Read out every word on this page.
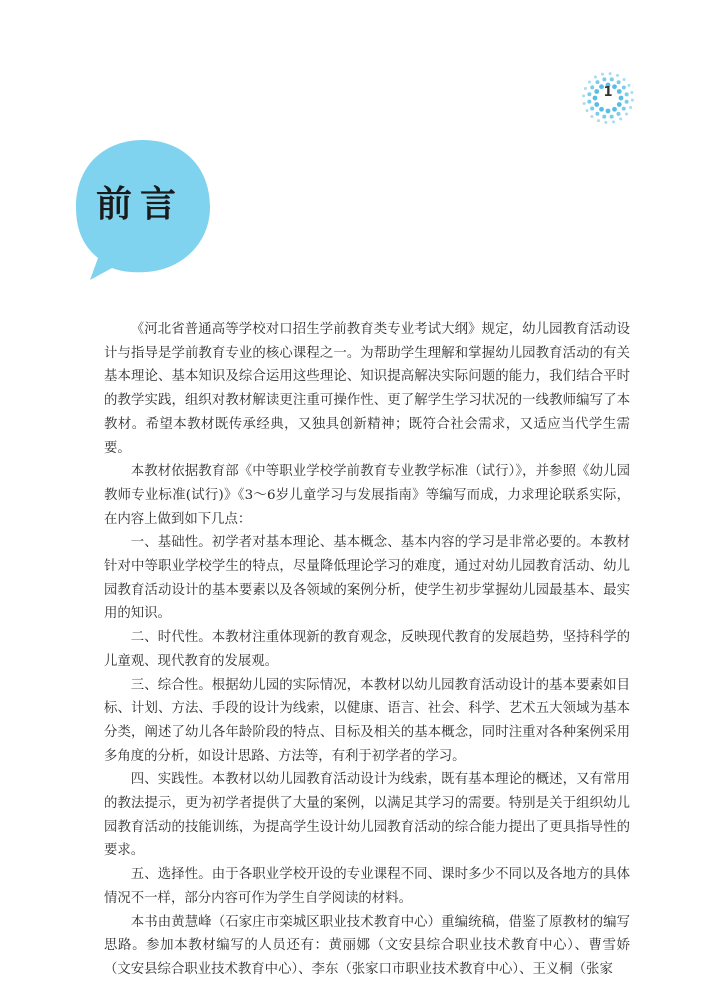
1
前言

《河北省普通高等学校对口招生学前教育类专业考试大纲》规定，幼儿园教育活动设计与指导是学前教育专业的核心课程之一。为帮助学生理解和掌握幼儿园教育活动的有关基本理论、基本知识及综合运用这些理论、知识提高解决实际问题的能力，我们结合平时的教学实践，组织对教材解读更注重可操作性、更了解学生学习状况的一线教师编写了本教材。希望本教材既传承经典，又独具创新精神；既符合社会需求，又适应当代学生需要。

本教材依据教育部《中等职业学校学前教育专业教学标准（试行）》，并参照《幼儿园教师专业标准(试行)》《3～6岁儿童学习与发展指南》等编写而成，力求理论联系实际，在内容上做到如下几点：

一、基础性。初学者对基本理论、基本概念、基本内容的学习是非常必要的。本教材针对中等职业学校学生的特点，尽量降低理论学习的难度，通过对幼儿园教育活动、幼儿园教育活动设计的基本要素以及各领域的案例分析，使学生初步掌握幼儿园最基本、最实用的知识。

二、时代性。本教材注重体现新的教育观念，反映现代教育的发展趋势，坚持科学的儿童观、现代教育的发展观。

三、综合性。根据幼儿园的实际情况，本教材以幼儿园教育活动设计的基本要素如目标、计划、方法、手段的设计为线索，以健康、语言、社会、科学、艺术五大领域为基本分类，阐述了幼儿各年龄阶段的特点、目标及相关的基本概念，同时注重对各种案例采用多角度的分析，如设计思路、方法等，有利于初学者的学习。

四、实践性。本教材以幼儿园教育活动设计为线索，既有基本理论的概述，又有常用的教法提示，更为初学者提供了大量的案例，以满足其学习的需要。特别是关于组织幼儿园教育活动的技能训练，为提高学生设计幼儿园教育活动的综合能力提出了更具指导性的要求。

五、选择性。由于各职业学校开设的专业课程不同、课时多少不同以及各地方的具体情况不一样，部分内容可作为学生自学阅读的材料。

本书由黄慧峰（石家庄市栾城区职业技术教育中心）重编统稿，借鉴了原教材的编写思路。参加本教材编写的人员还有：黄丽娜（文安县综合职业技术教育中心）、曹雪娇（文安县综合职业技术教育中心）、李东（张家口市职业技术教育中心）、王义桐（张家
